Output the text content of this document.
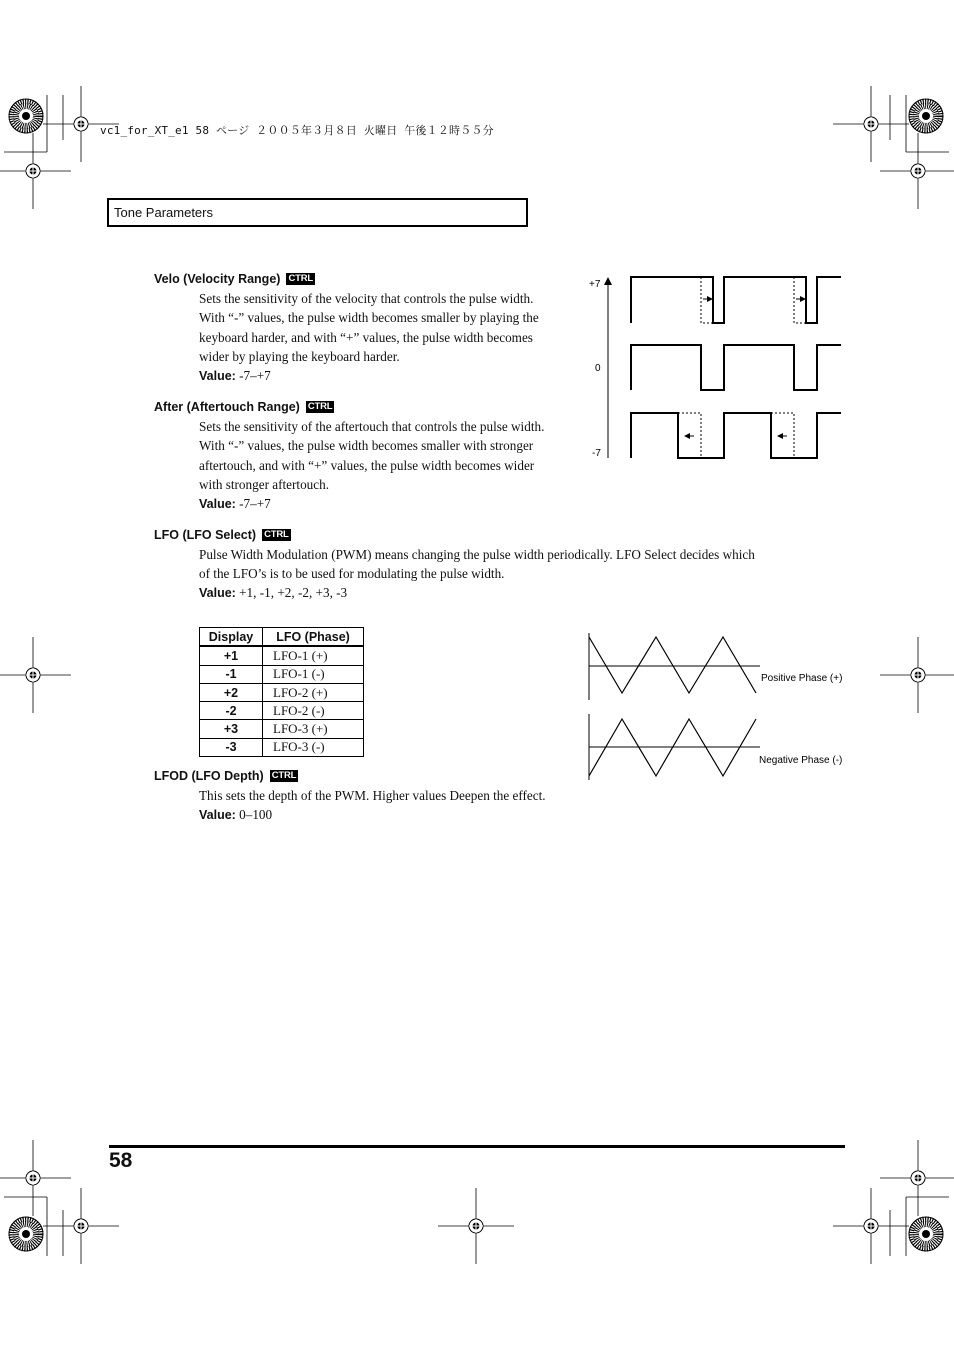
vc1_for_XT_e1 58 ページ ２００５年３月８日 火曜日 午後１２時５５分
Tone Parameters
Velo (Velocity Range) CTRL
Sets the sensitivity of the velocity that controls the pulse width.
With “-” values, the pulse width becomes smaller by playing the
keyboard harder, and with “+” values, the pulse width becomes
wider by playing the keyboard harder.
Value: -7–+7
After (Aftertouch Range) CTRL
Sets the sensitivity of the aftertouch that controls the pulse width.
With “-” values, the pulse width becomes smaller with stronger
aftertouch, and with “+” values, the pulse width becomes wider
with stronger aftertouch.
Value: -7–+7
LFO (LFO Select) CTRL
Pulse Width Modulation (PWM) means changing the pulse width periodically. LFO Select decides which
of the LFO’s is to be used for modulating the pulse width.
Value: +1, -1, +2, -2, +3, -3
Display	LFO (Phase)
+1	LFO-1 (+)
-1	LFO-1 (-)
+2	LFO-2 (+)
-2	LFO-2 (-)
+3	LFO-3 (+)
-3	LFO-3 (-)
LFOD (LFO Depth) CTRL
This sets the depth of the PWM. Higher values Deepen the effect.
Value: 0–100
+7
0
-7
Positive Phase (+)
Negative Phase (-)
58
